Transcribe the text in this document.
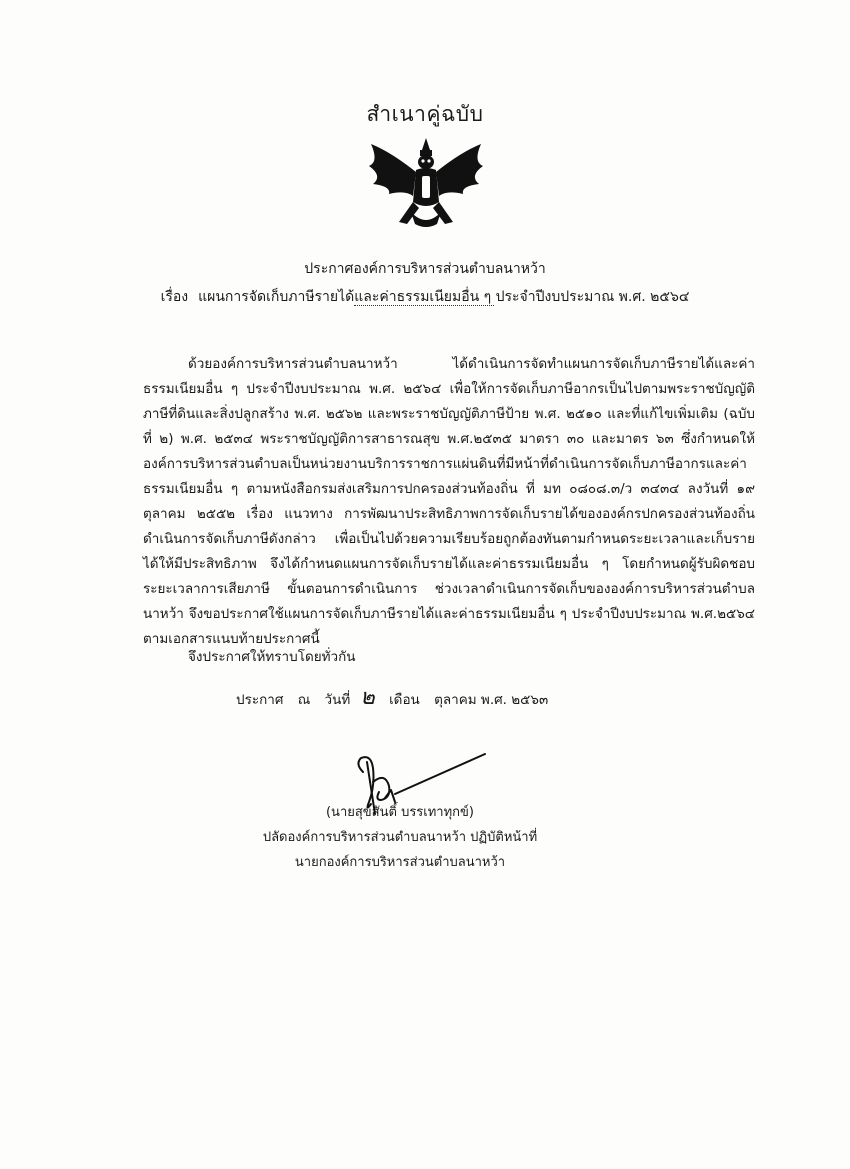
สำเนาคู่ฉบับ
ประกาศองค์การบริหารส่วนตำบลนาหว้า
เรื่อง แผนการจัดเก็บภาษีรายได้และค่าธรรมเนียมอื่น ๆ ประจำปีงบประมาณ พ.ศ. ๒๕๖๔

ด้วยองค์การบริหารส่วนตำบลนาหว้า ได้ดำเนินการจัดทำแผนการจัดเก็บภาษีรายได้และค่าธรรมเนียมอื่น ๆ ประจำปีงบประมาณ พ.ศ. ๒๕๖๔ เพื่อให้การจัดเก็บภาษีอากรเป็นไปตามพระราชบัญญัติภาษีที่ดินและสิ่งปลูกสร้าง พ.ศ. ๒๕๖๒ และพระราชบัญญัติภาษีป้าย พ.ศ. ๒๕๑๐ และที่แก้ไขเพิ่มเติม (ฉบับที่ ๒) พ.ศ. ๒๕๓๔ พระราชบัญญัติการสาธารณสุข พ.ศ.๒๕๓๕ มาตรา ๓๐ และมาตร ๖๓ ซึ่งกำหนดให้องค์การบริหารส่วนตำบลเป็นหน่วยงานบริการราชการแผ่นดินที่มีหน้าที่ดำเนินการจัดเก็บภาษีอากรและค่าธรรมเนียมอื่น ๆ ตามหนังสือกรมส่งเสริมการปกครองส่วนท้องถิ่น ที่ มท ๐๘๐๘.๓/ว ๓๔๓๔ ลงวันที่ ๑๙ ตุลาคม ๒๕๕๒ เรื่อง แนวทาง การพัฒนาประสิทธิภาพการจัดเก็บรายได้ขององค์กรปกครองส่วนท้องถิ่น ดำเนินการจัดเก็บภาษีดังกล่าว เพื่อเป็นไปด้วยความเรียบร้อยถูกต้องทันตามกำหนดระยะเวลาและเก็บรายได้ให้มีประสิทธิภาพ จึงได้กำหนดแผนการจัดเก็บรายได้และค่าธรรมเนียมอื่น ๆ โดยกำหนดผู้รับผิดชอบ ระยะเวลาการเสียภาษี ขั้นตอนการดำเนินการ ช่วงเวลาดำเนินการจัดเก็บขององค์การบริหารส่วนตำบลนาหว้า จึงขอประกาศใช้แผนการจัดเก็บภาษีรายได้และค่าธรรมเนียมอื่น ๆ ประจำปีงบประมาณ พ.ศ.๒๕๖๔ ตามเอกสารแนบท้ายประกาศนี้

จึงประกาศให้ทราบโดยทั่วกัน
ประกาศ ณ วันที่ ๒ เดือน ตุลาคม พ.ศ. ๒๕๖๓
(นายสุขสันติ์ บรรเทาทุกข์)
ปลัดองค์การบริหารส่วนตำบลนาหว้า ปฏิบัติหน้าที่
นายกองค์การบริหารส่วนตำบลนาหว้า
